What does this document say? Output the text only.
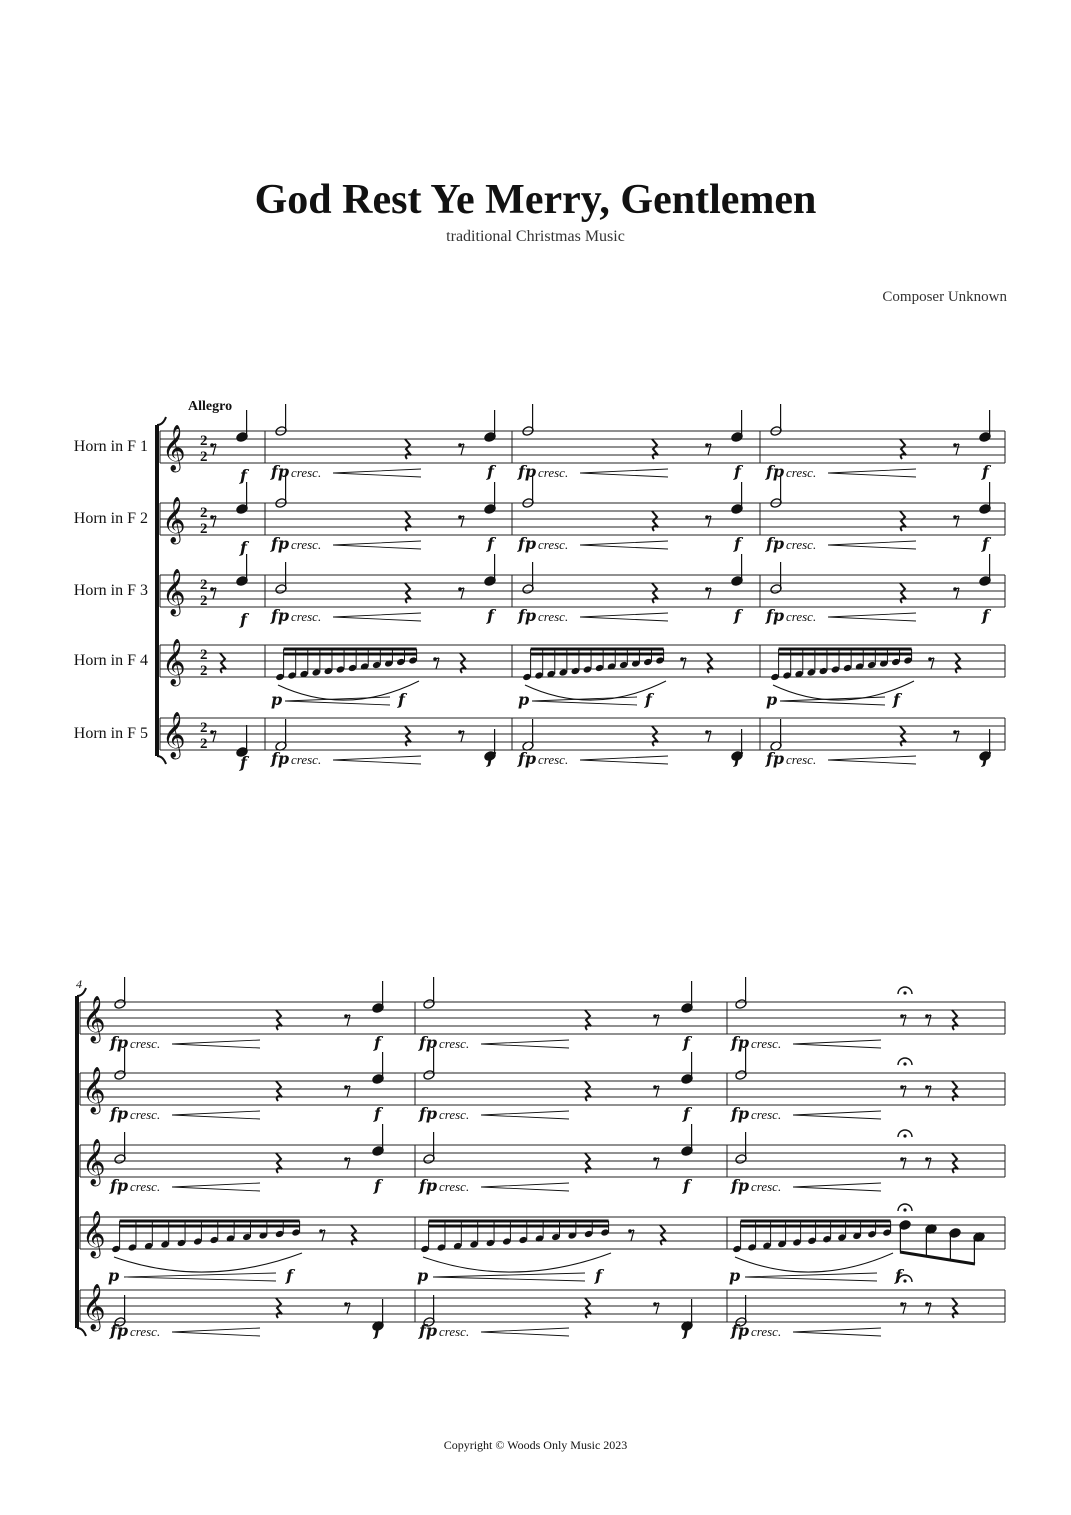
God Rest Ye Merry, Gentlemen
traditional Christmas Music
Composer Unknown
Allegro
Horn in F 1 𝄞 2
2
f fp cresc.	f fp cresc.	f fp cresc.	f
Horn in F 2 𝄞 2
2
f fp cresc.	f fp cresc.	f fp cresc.	f
Horn in F 3 𝄞 2
2
f fp cresc.	f fp cresc.	f fp cresc.	f
Horn in F 4 𝄞 2
2
p	f	p	f	p	f
Horn in F 5 𝄞 2
2
f fp cresc.	f fp cresc.	f fp cresc.	f
4
𝄞
fp cresc.	f fp cresc.	f	fp cresc.
𝄞
fp cresc.	f fp cresc.	f	fp cresc.
𝄞
fp cresc.	f fp cresc.	f	fp cresc.
𝄞
p	f	p	f	p	f
𝄞
fp cresc.	f fp cresc.	f	fp cresc.
Copyright © Woods Only Music 2023
